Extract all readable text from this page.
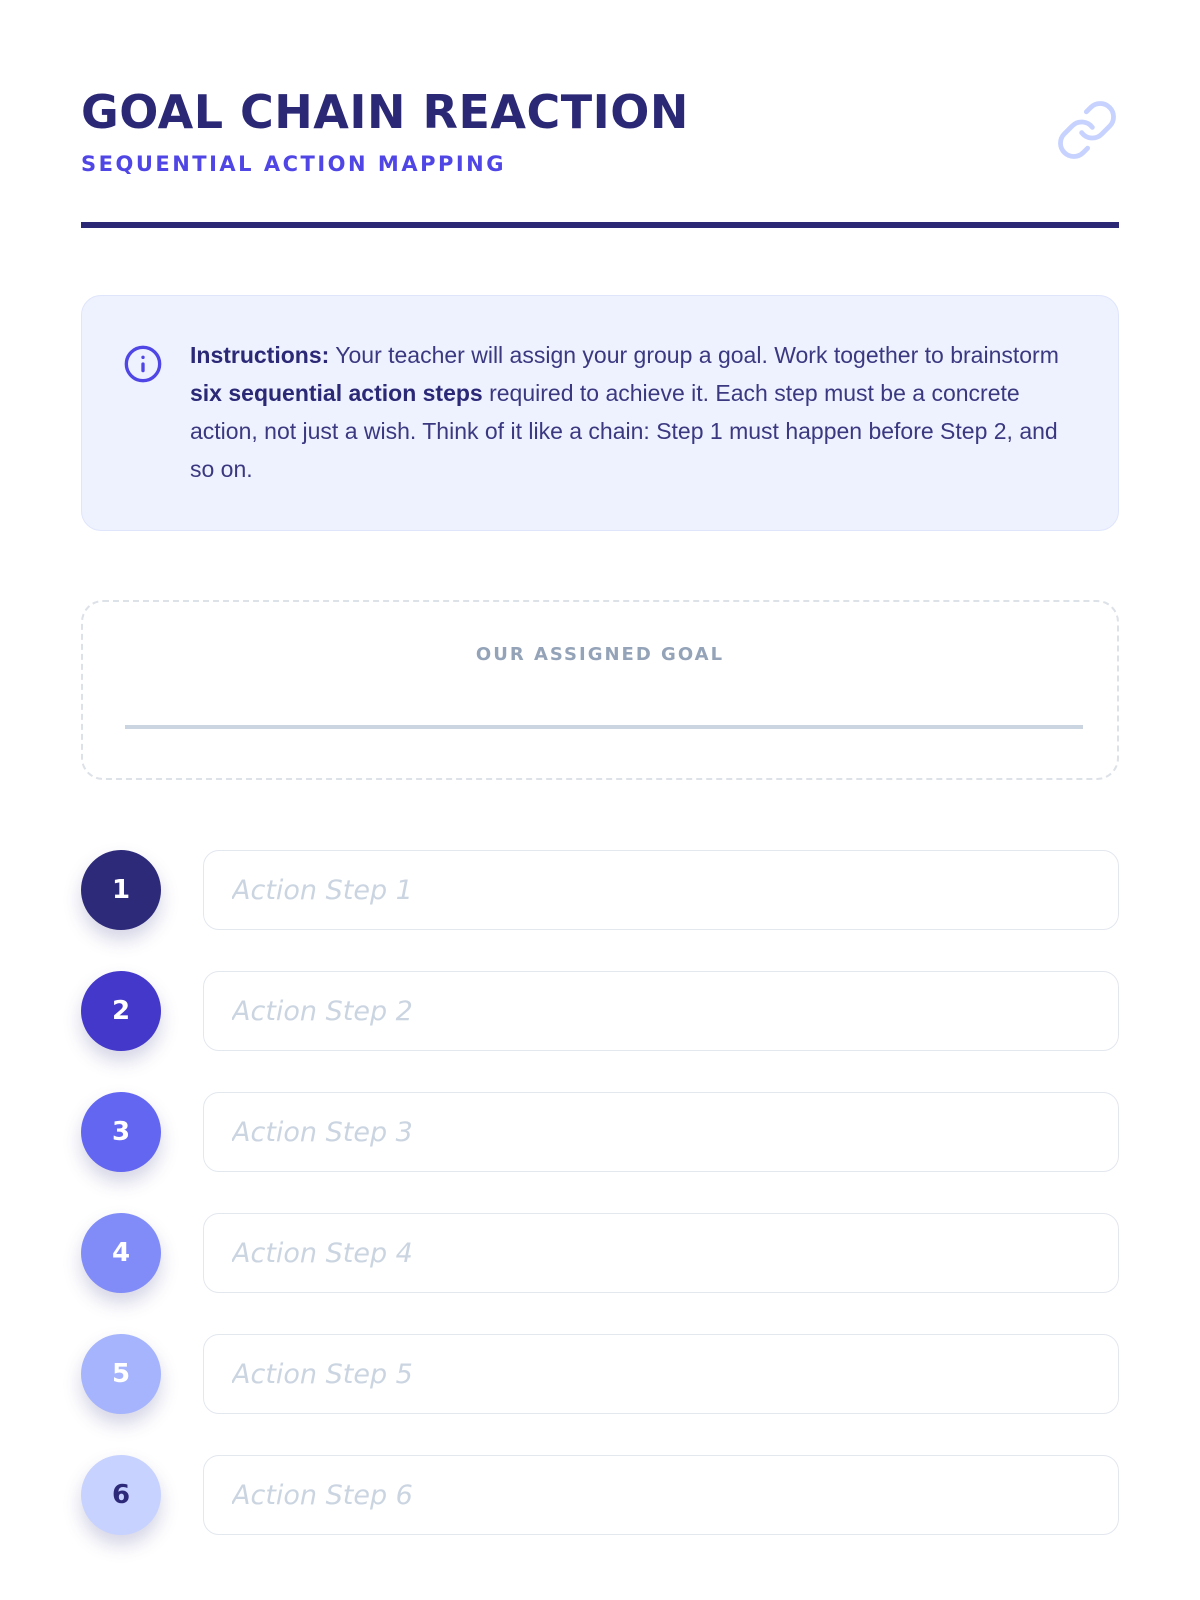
GOAL CHAIN REACTION
SEQUENTIAL ACTION MAPPING

Instructions: Your teacher will assign your group a goal. Work together to brainstorm six sequential action steps required to achieve it. Each step must be a concrete action, not just a wish. Think of it like a chain: Step 1 must happen before Step 2, and so on.

OUR ASSIGNED GOAL
1
Action Step 1
2
Action Step 2
3
Action Step 3
4
Action Step 4
5
Action Step 5
6
Action Step 6
